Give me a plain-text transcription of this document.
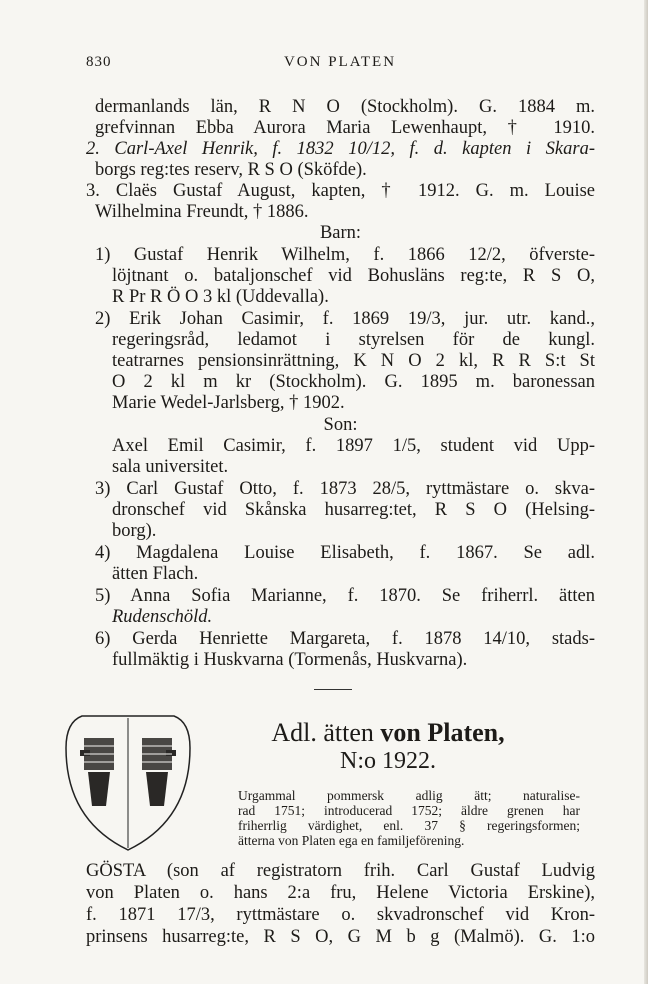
830	VON PLATEN
dermanlands län, R N O (Stockholm). G. 1884 m.
grefvinnan Ebba Aurora Maria Lewenhaupt, † 1910.
2. Carl-Axel Henrik, f. 1832 10/12, f. d. kapten i Skara-
borgs reg:tes reserv, R S O (Sköfde).
3. Claës Gustaf August, kapten, † 1912. G. m. Louise
Wilhelmina Freundt, † 1886.
Barn:
1) Gustaf Henrik Wilhelm, f. 1866 12/2, öfverste-
löjtnant o. bataljonschef vid Bohusläns reg:te, R S O,
R Pr R Ö O 3 kl (Uddevalla).
2) Erik Johan Casimir, f. 1869 19/3, jur. utr. kand.,
regeringsråd, ledamot i styrelsen för de kungl.
teatrarnes pensionsinrättning, K N O 2 kl, R R S:t St
O 2 kl m kr (Stockholm). G. 1895 m. baronessan
Marie Wedel-Jarlsberg, † 1902.
Son:
Axel Emil Casimir, f. 1897 1/5, student vid Upp-
sala universitet.
3) Carl Gustaf Otto, f. 1873 28/5, ryttmästare o. skva-
dronschef vid Skånska husarreg:tet, R S O (Helsing-
borg).
4) Magdalena Louise Elisabeth, f. 1867. Se adl.
ätten Flach.
5) Anna Sofia Marianne, f. 1870. Se friherrl. ätten
Rudenschöld.
6) Gerda Henriette Margareta, f. 1878 14/10, stads-
fullmäktig i Huskvarna (Tormenås, Huskvarna).
Adl. ätten von Platen,
N:o 1922.
Urgammal pommersk adlig ätt; naturalise-
rad 1751; introducerad 1752; äldre grenen har
friherrlig värdighet, enl. 37 § regeringsformen;
ätterna von Platen ega en familjeförening.
GÖSTA (son af registratorn frih. Carl Gustaf Ludvig
von Platen o. hans 2:a fru, Helene Victoria Erskine),
f. 1871 17/3, ryttmästare o. skvadronschef vid Kron-
prinsens husarreg:te, R S O, G M b g (Malmö). G. 1:o
